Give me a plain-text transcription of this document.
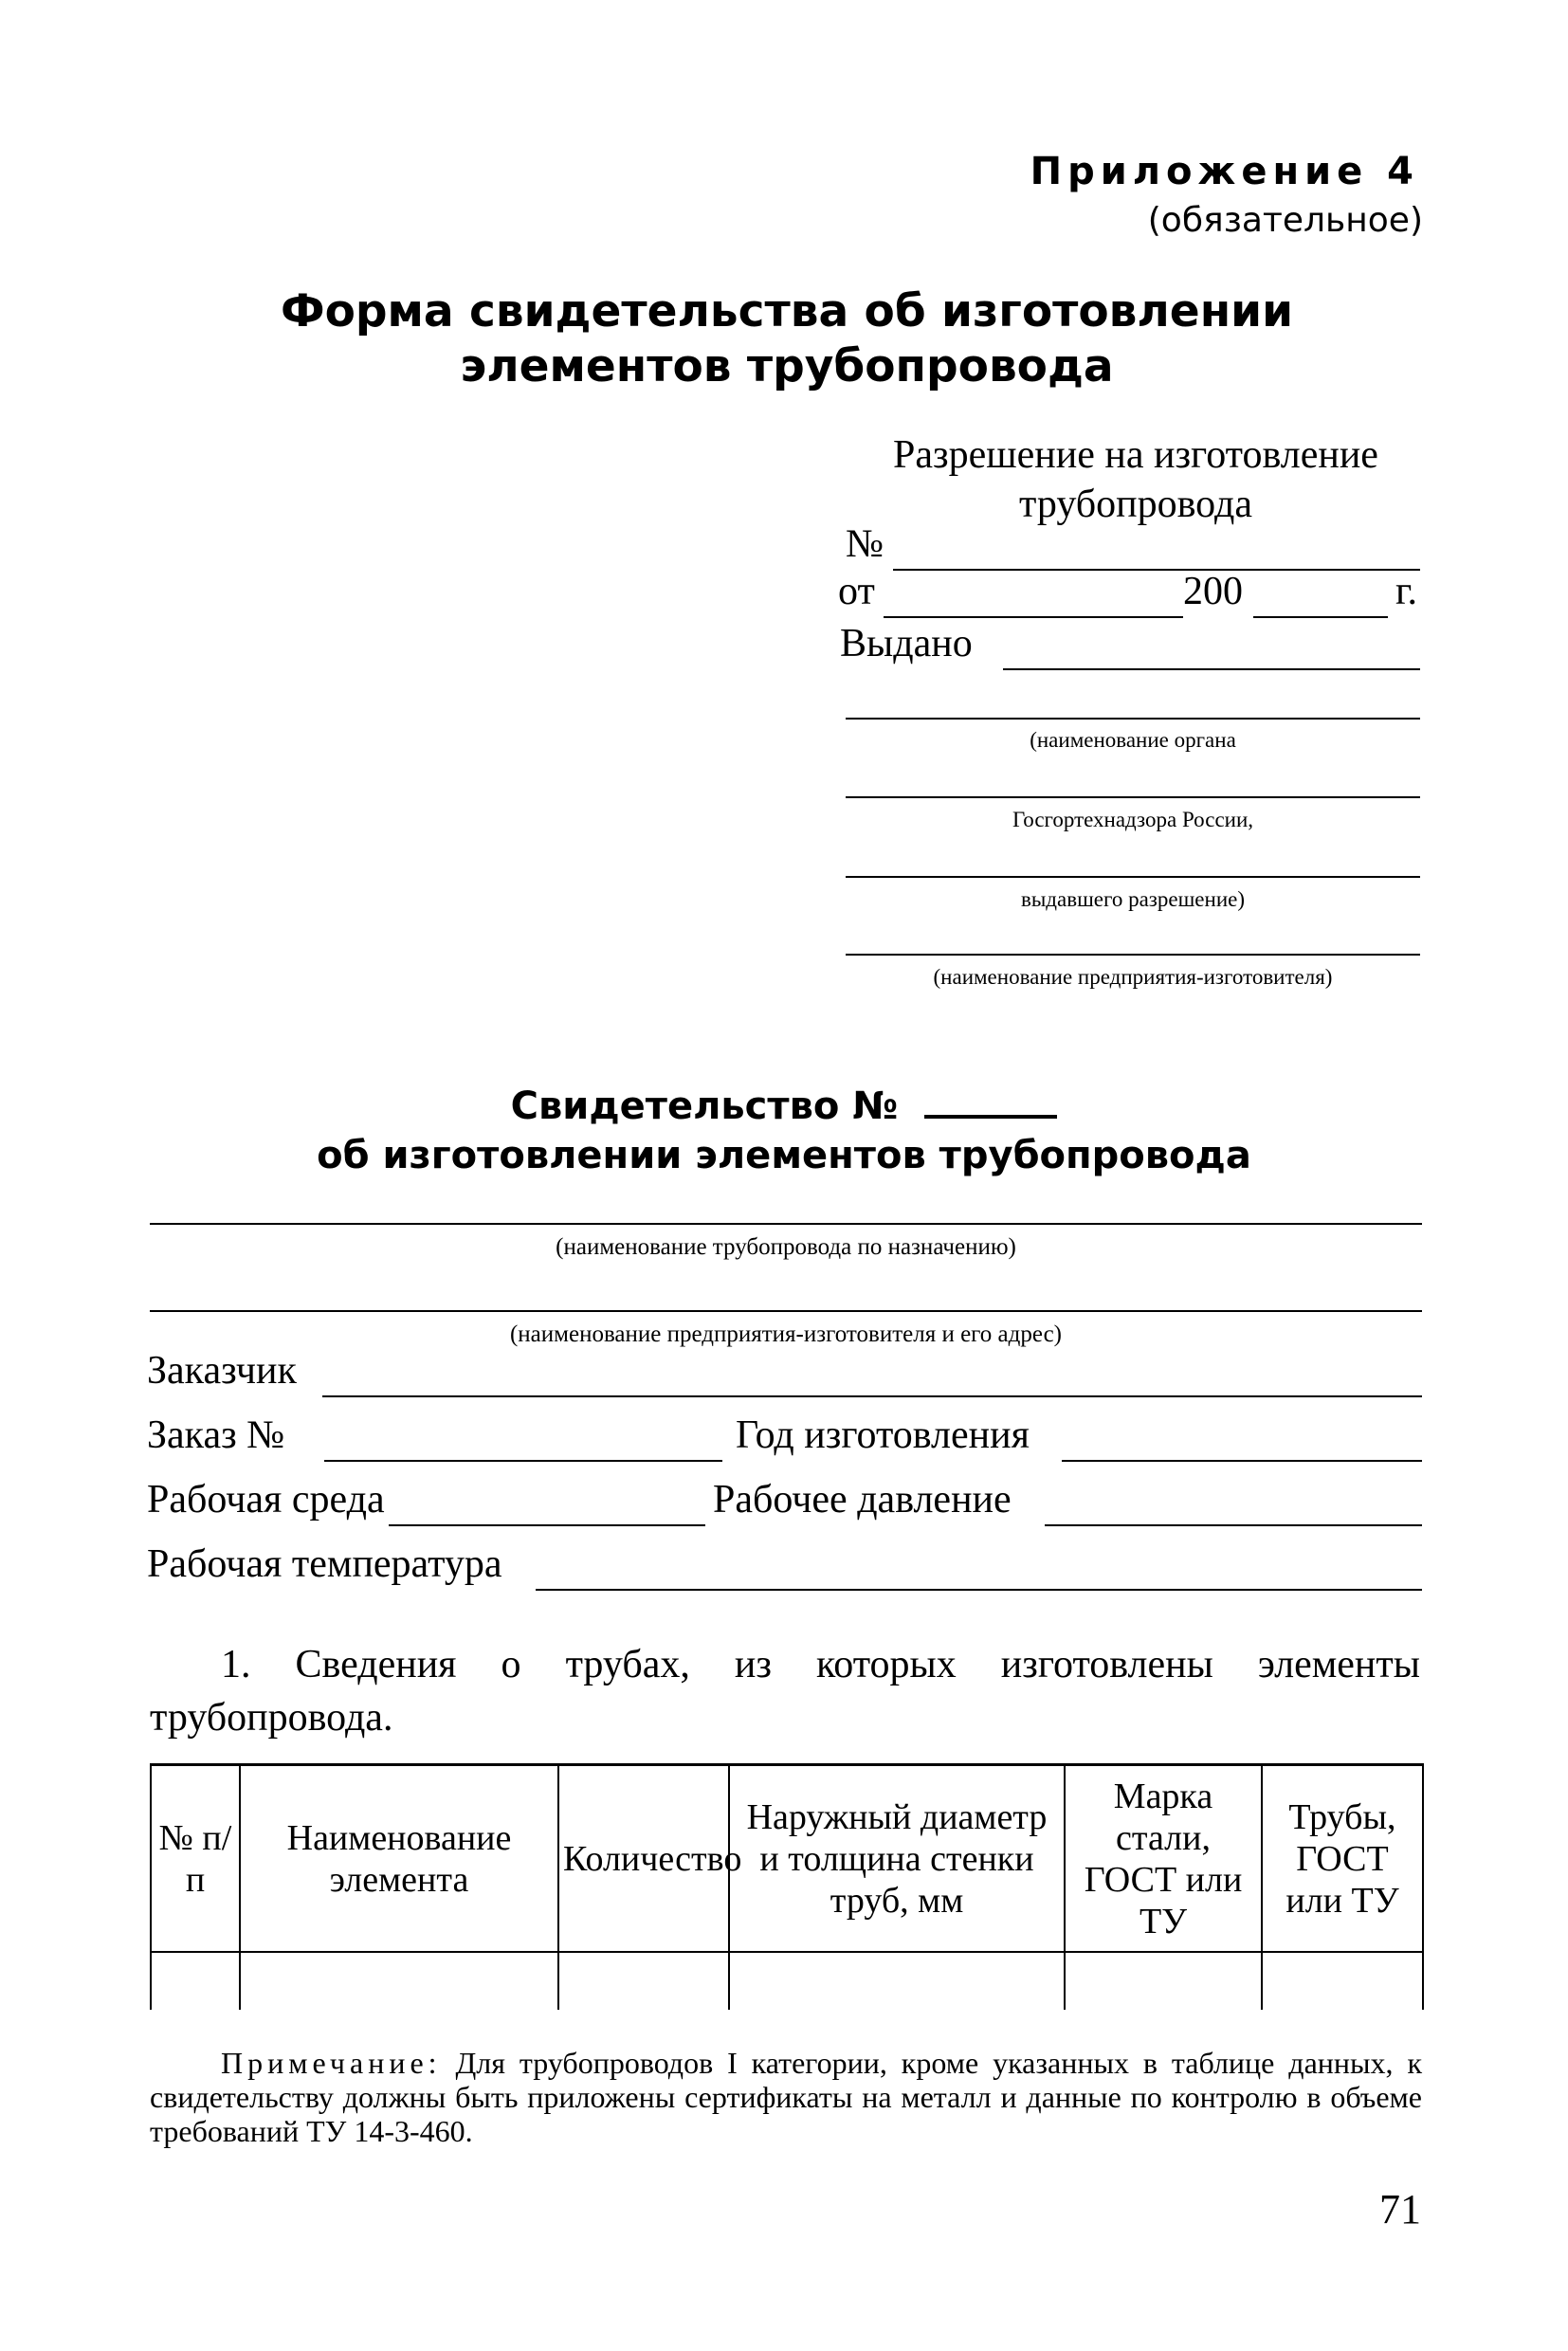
Приложение 4
(обязательное)
Форма свидетельства об изготовлении
элементов трубопровода
Разрешение на изготовление
трубопровода
№
от	200	г.
Выдано
(наименование органа
Госгортехнадзора России,
выдавшего разрешение)
(наименование предприятия-изготовителя)
Свидетельство №
об изготовлении элементов трубопровода
(наименование трубопровода по назначению)
(наименование предприятия-изготовителя и его адрес)
Заказчик
Заказ №	Год изготовления
Рабочая среда	Рабочее давление
Рабочая температура
1. Сведения о трубах, из которых изготовлены элементы трубопровода.
№ п/п	Наименование элемента	Количество	Наружный диаметр и толщина стенки труб, мм	Марка стали, ГОСТ или ТУ	Трубы, ГОСТ или ТУ

Примечание: Для трубопроводов I категории, кроме указанных в таблице данных, к свидетельству должны быть приложены сертификаты на металл и данные по контролю в объеме требований ТУ 14-3-460.
71
